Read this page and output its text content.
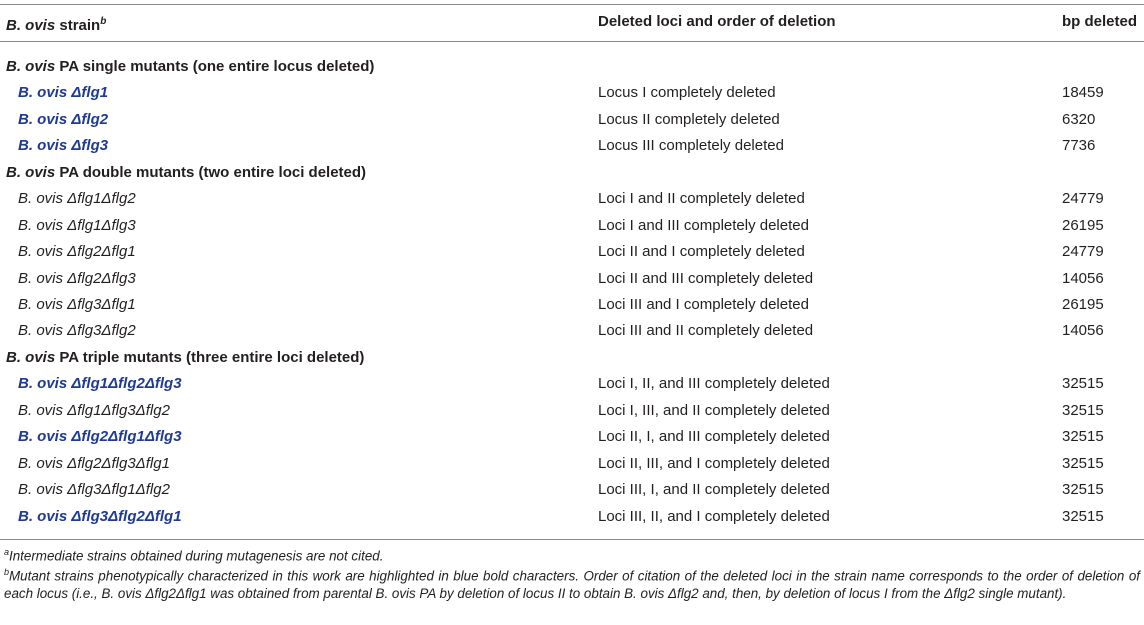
B. ovis strain$^b$	Deleted loci and order of deletion	bp deleted
B. ovis PA single mutants (one entire locus deleted)
B. ovis Δflg1	Locus I completely deleted	18459
B. ovis Δflg2	Locus II completely deleted	6320
B. ovis Δflg3	Locus III completely deleted	7736
B. ovis PA double mutants (two entire loci deleted)
B. ovis Δflg1Δflg2	Loci I and II completely deleted	24779
B. ovis Δflg1Δflg3	Loci I and III completely deleted	26195
B. ovis Δflg2Δflg1	Loci II and I completely deleted	24779
B. ovis Δflg2Δflg3	Loci II and III completely deleted	14056
B. ovis Δflg3Δflg1	Loci III and I completely deleted	26195
B. ovis Δflg3Δflg2	Loci III and II completely deleted	14056
B. ovis PA triple mutants (three entire loci deleted)
B. ovis Δflg1Δflg2Δflg3	Loci I, II, and III completely deleted	32515
B. ovis Δflg1Δflg3Δflg2	Loci I, III, and II completely deleted	32515
B. ovis Δflg2Δflg1Δflg3	Loci II, I, and III completely deleted	32515
B. ovis Δflg2Δflg3Δflg1	Loci II, III, and I completely deleted	32515
B. ovis Δflg3Δflg1Δflg2	Loci III, I, and II completely deleted	32515
B. ovis Δflg3Δflg2Δflg1	Loci III, II, and I completely deleted	32515
$^a$Intermediate strains obtained during mutagenesis are not cited.
$^b$Mutant strains phenotypically characterized in this work are highlighted in blue bold characters. Order of citation of the deleted loci in the strain name corresponds to the order of deletion of each locus (i.e., B. ovis Δflg2Δflg1 was obtained from parental B. ovis PA by deletion of locus II to obtain B. ovis Δflg2 and, then, by deletion of locus I from the Δflg2 single mutant).
